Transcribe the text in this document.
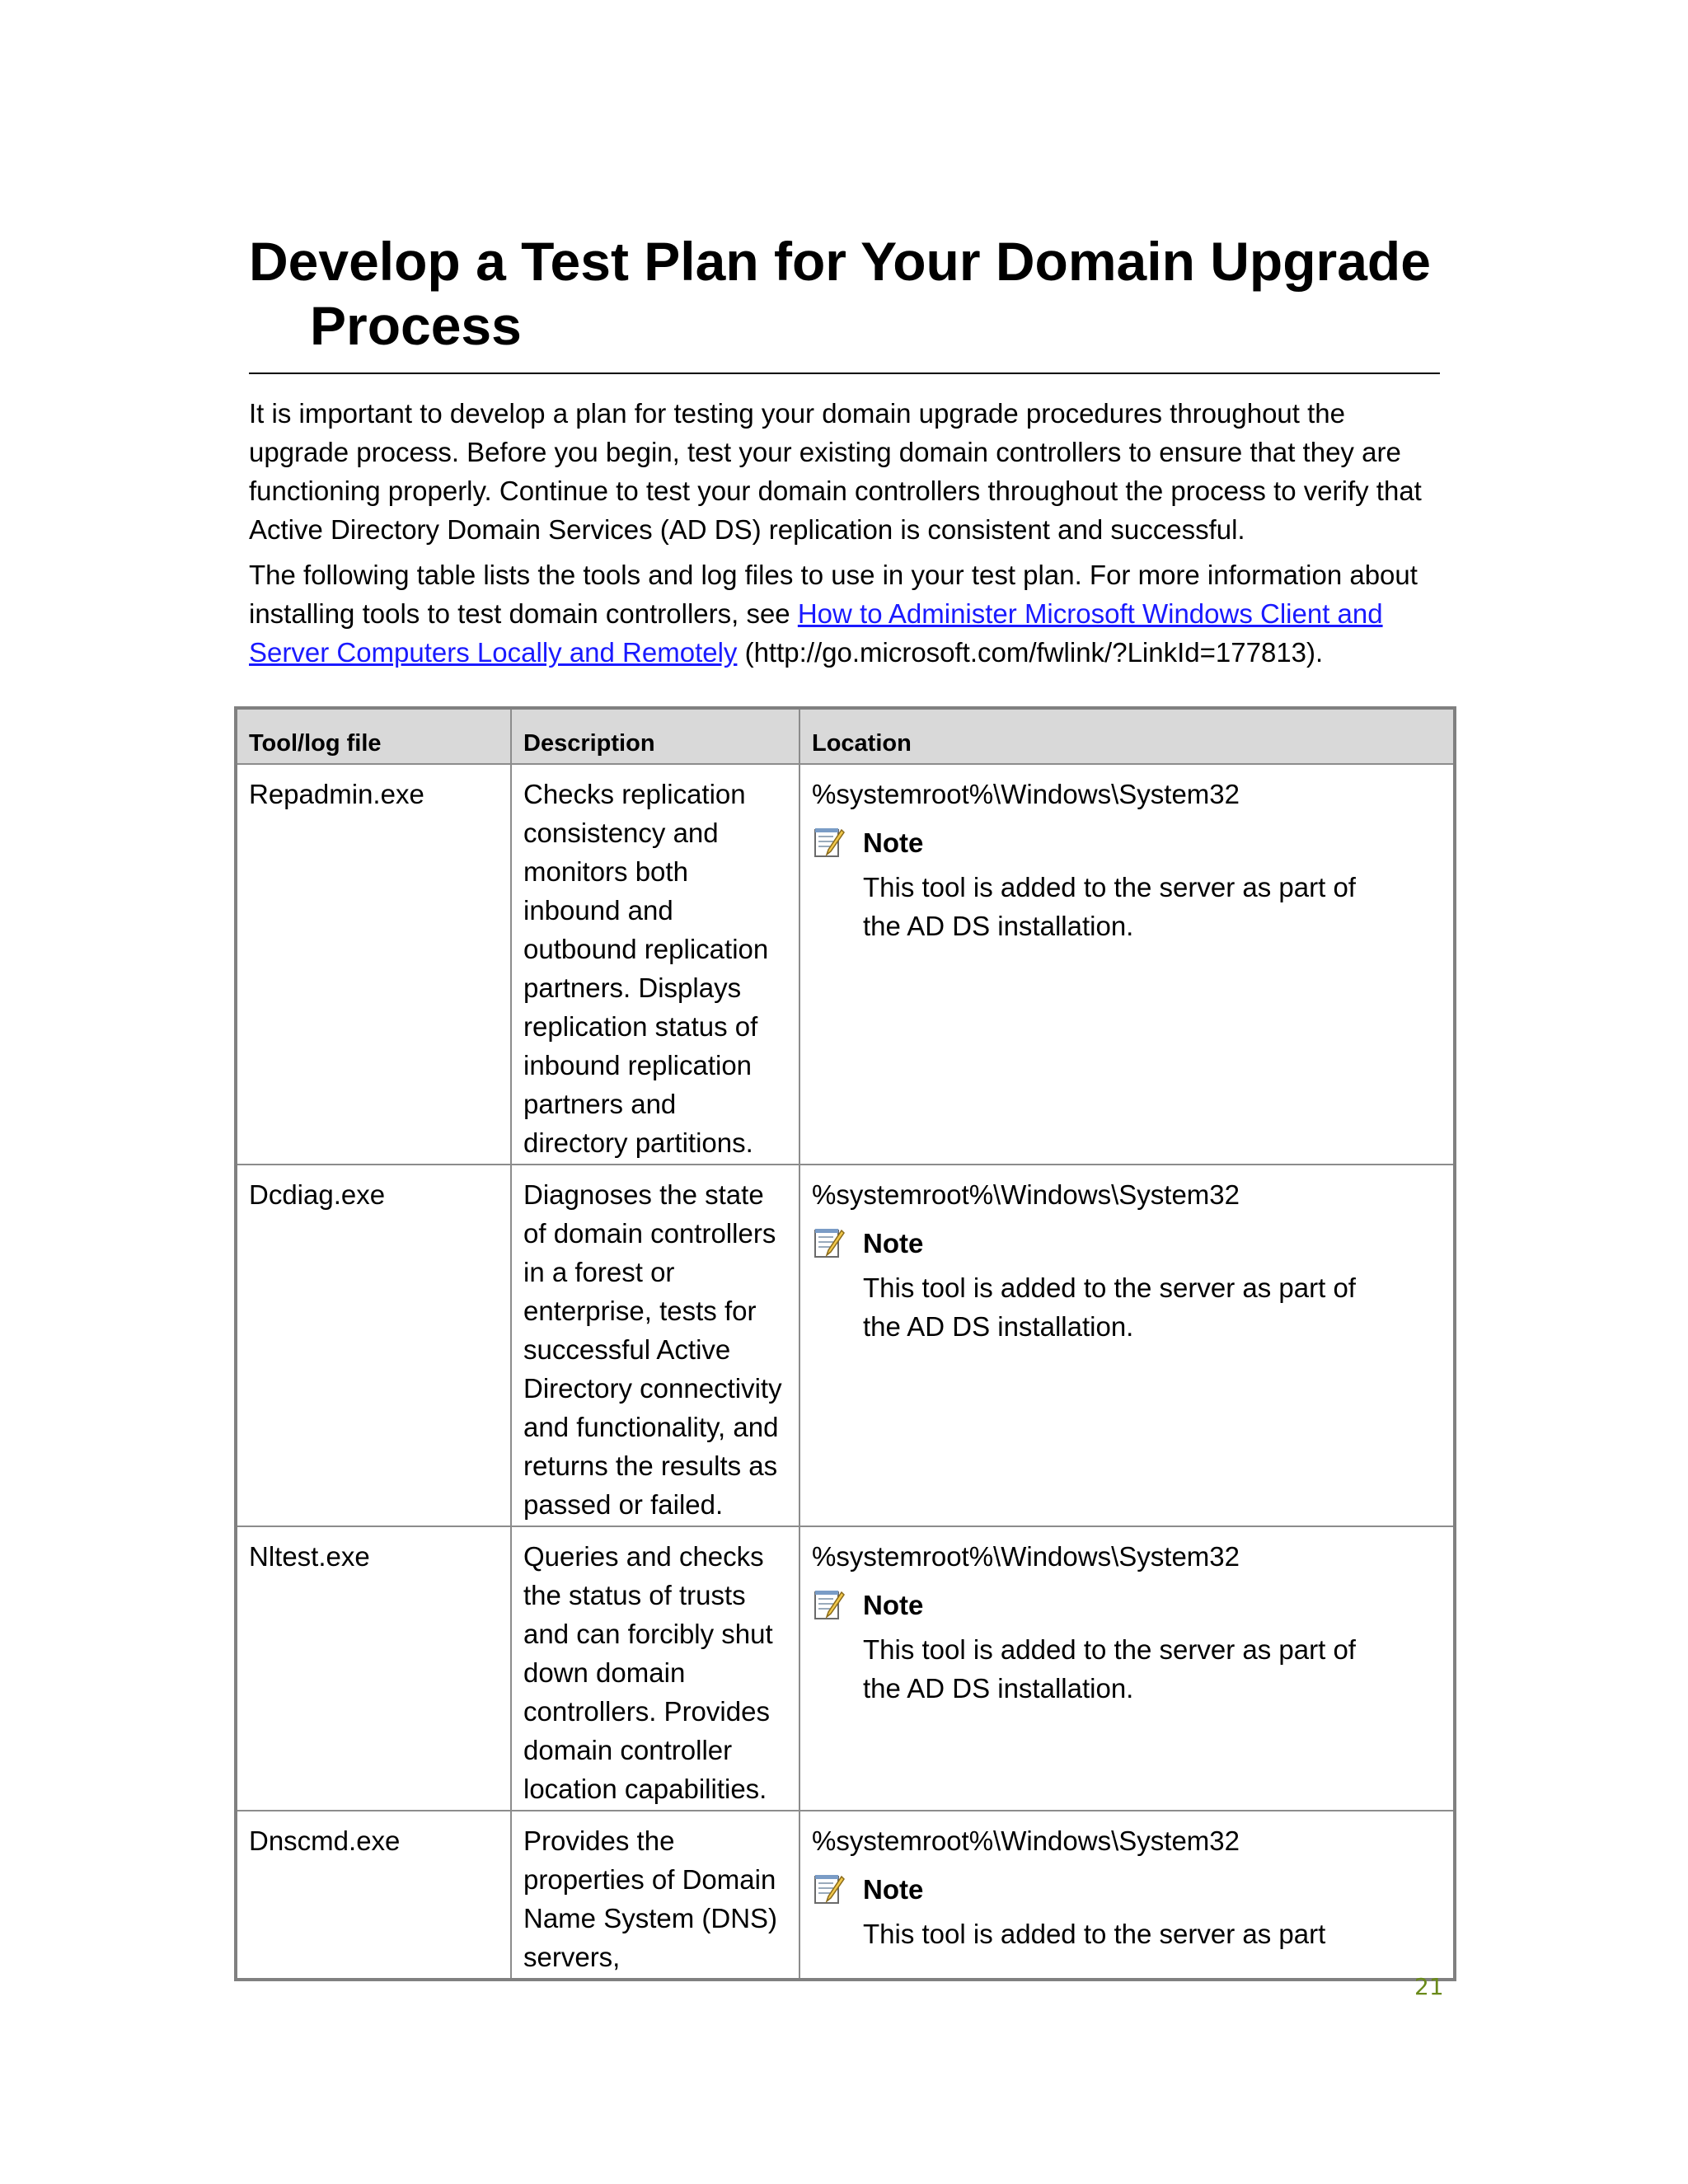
Develop a Test Plan for Your Domain Upgrade Process

It is important to develop a plan for testing your domain upgrade procedures throughout the upgrade process. Before you begin, test your existing domain controllers to ensure that they are functioning properly. Continue to test your domain controllers throughout the process to verify that Active Directory Domain Services (AD DS) replication is consistent and successful.

The following table lists the tools and log files to use in your test plan. For more information about installing tools to test domain controllers, see How to Administer Microsoft Windows Client and Server Computers Locally and Remotely (http://go.microsoft.com/fwlink/?LinkId=177813).

Tool/log file	Description	Location
Repadmin.exe	Checks replication consistency and monitors both inbound and outbound replication partners. Displays replication status of inbound replication partners and directory partitions.	%systemroot%\Windows\System32
Note
This tool is added to the server as part of the AD DS installation.

Dcdiag.exe	Diagnoses the state of domain controllers in a forest or enterprise, tests for successful Active Directory connectivity and functionality, and returns the results as passed or failed.	%systemroot%\Windows\System32
Note
This tool is added to the server as part of the AD DS installation.

Nltest.exe	Queries and checks the status of trusts and can forcibly shut down domain controllers. Provides domain controller location capabilities.	%systemroot%\Windows\System32
Note
This tool is added to the server as part of the AD DS installation.

Dnscmd.exe	Provides the properties of Domain Name System (DNS) servers,	%systemroot%\Windows\System32
Note
This tool is added to the server as part
21
